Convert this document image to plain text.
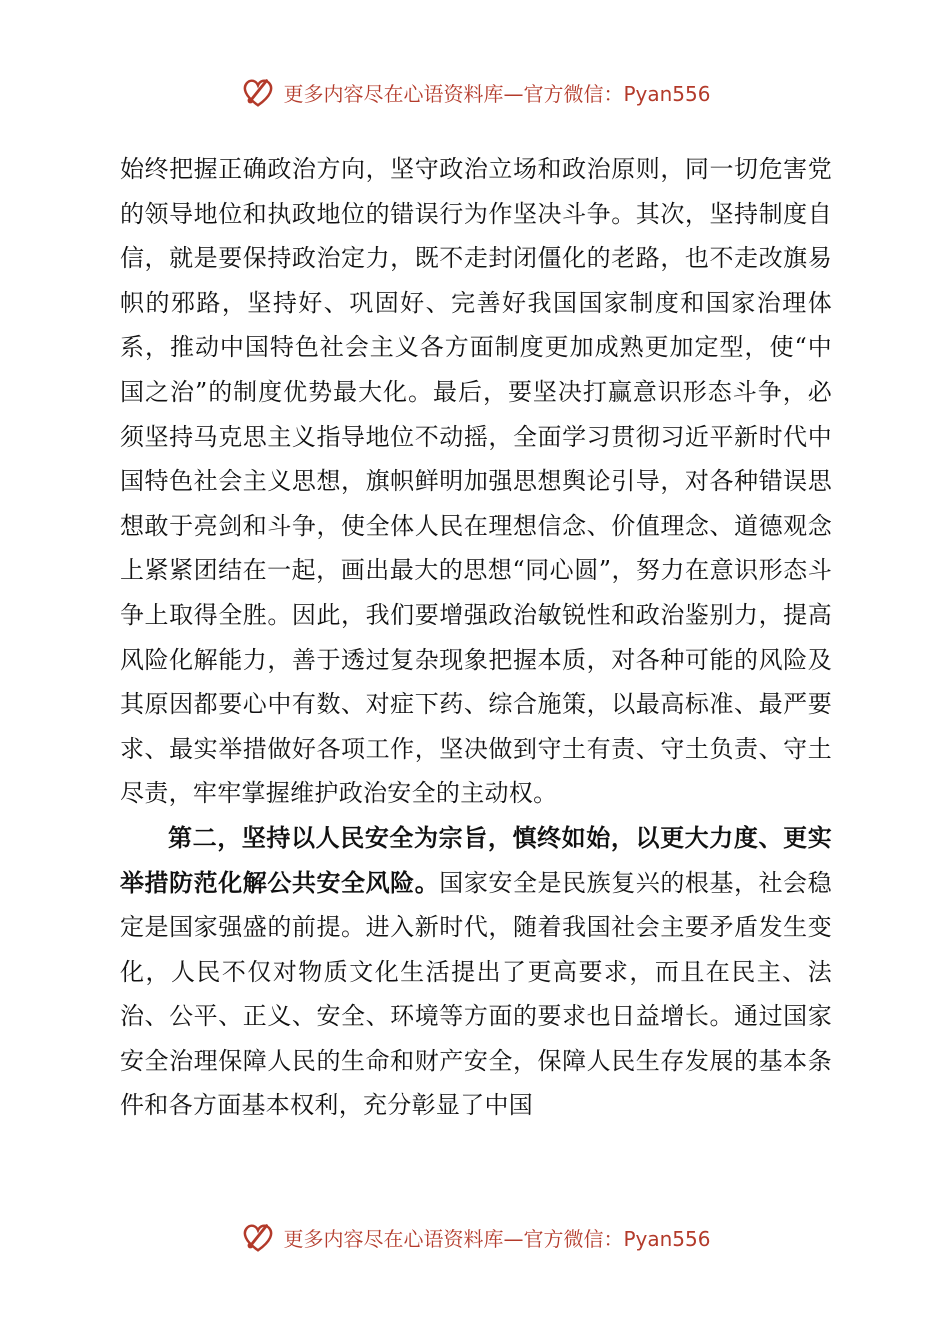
更多内容尽在心语资料库—官方微信：Pyan556

始终把握正确政治方向，坚守政治立场和政治原则，同一切危害党的领导地位和执政地位的错误行为作坚决斗争。其次，坚持制度自信，就是要保持政治定力，既不走封闭僵化的老路，也不走改旗易帜的邪路，坚持好、巩固好、完善好我国国家制度和国家治理体系，推动中国特色社会主义各方面制度更加成熟更加定型，使“中国之治”的制度优势最大化。最后，要坚决打赢意识形态斗争，必须坚持马克思主义指导地位不动摇，全面学习贯彻习近平新时代中国特色社会主义思想，旗帜鲜明加强思想舆论引导，对各种错误思想敢于亮剑和斗争，使全体人民在理想信念、价值理念、道德观念上紧紧团结在一起，画出最大的思想“同心圆”，努力在意识形态斗争上取得全胜。因此，我们要增强政治敏锐性和政治鉴别力，提高风险化解能力，善于透过复杂现象把握本质，对各种可能的风险及其原因都要心中有数、对症下药、综合施策，以最高标准、最严要求、最实举措做好各项工作，坚决做到守土有责、守土负责、守土尽责，牢牢掌握维护政治安全的主动权。

第二，坚持以人民安全为宗旨，慎终如始，以更大力度、更实举措防范化解公共安全风险。国家安全是民族复兴的根基，社会稳定是国家强盛的前提。进入新时代，随着我国社会主要矛盾发生变化，人民不仅对物质文化生活提出了更高要求，而且在民主、法治、公平、正义、安全、环境等方面的要求也日益增长。通过国家安全治理保障人民的生命和财产安全，保障人民生存发展的基本条件和各方面基本权利，充分彰显了中国

更多内容尽在心语资料库—官方微信：Pyan556
